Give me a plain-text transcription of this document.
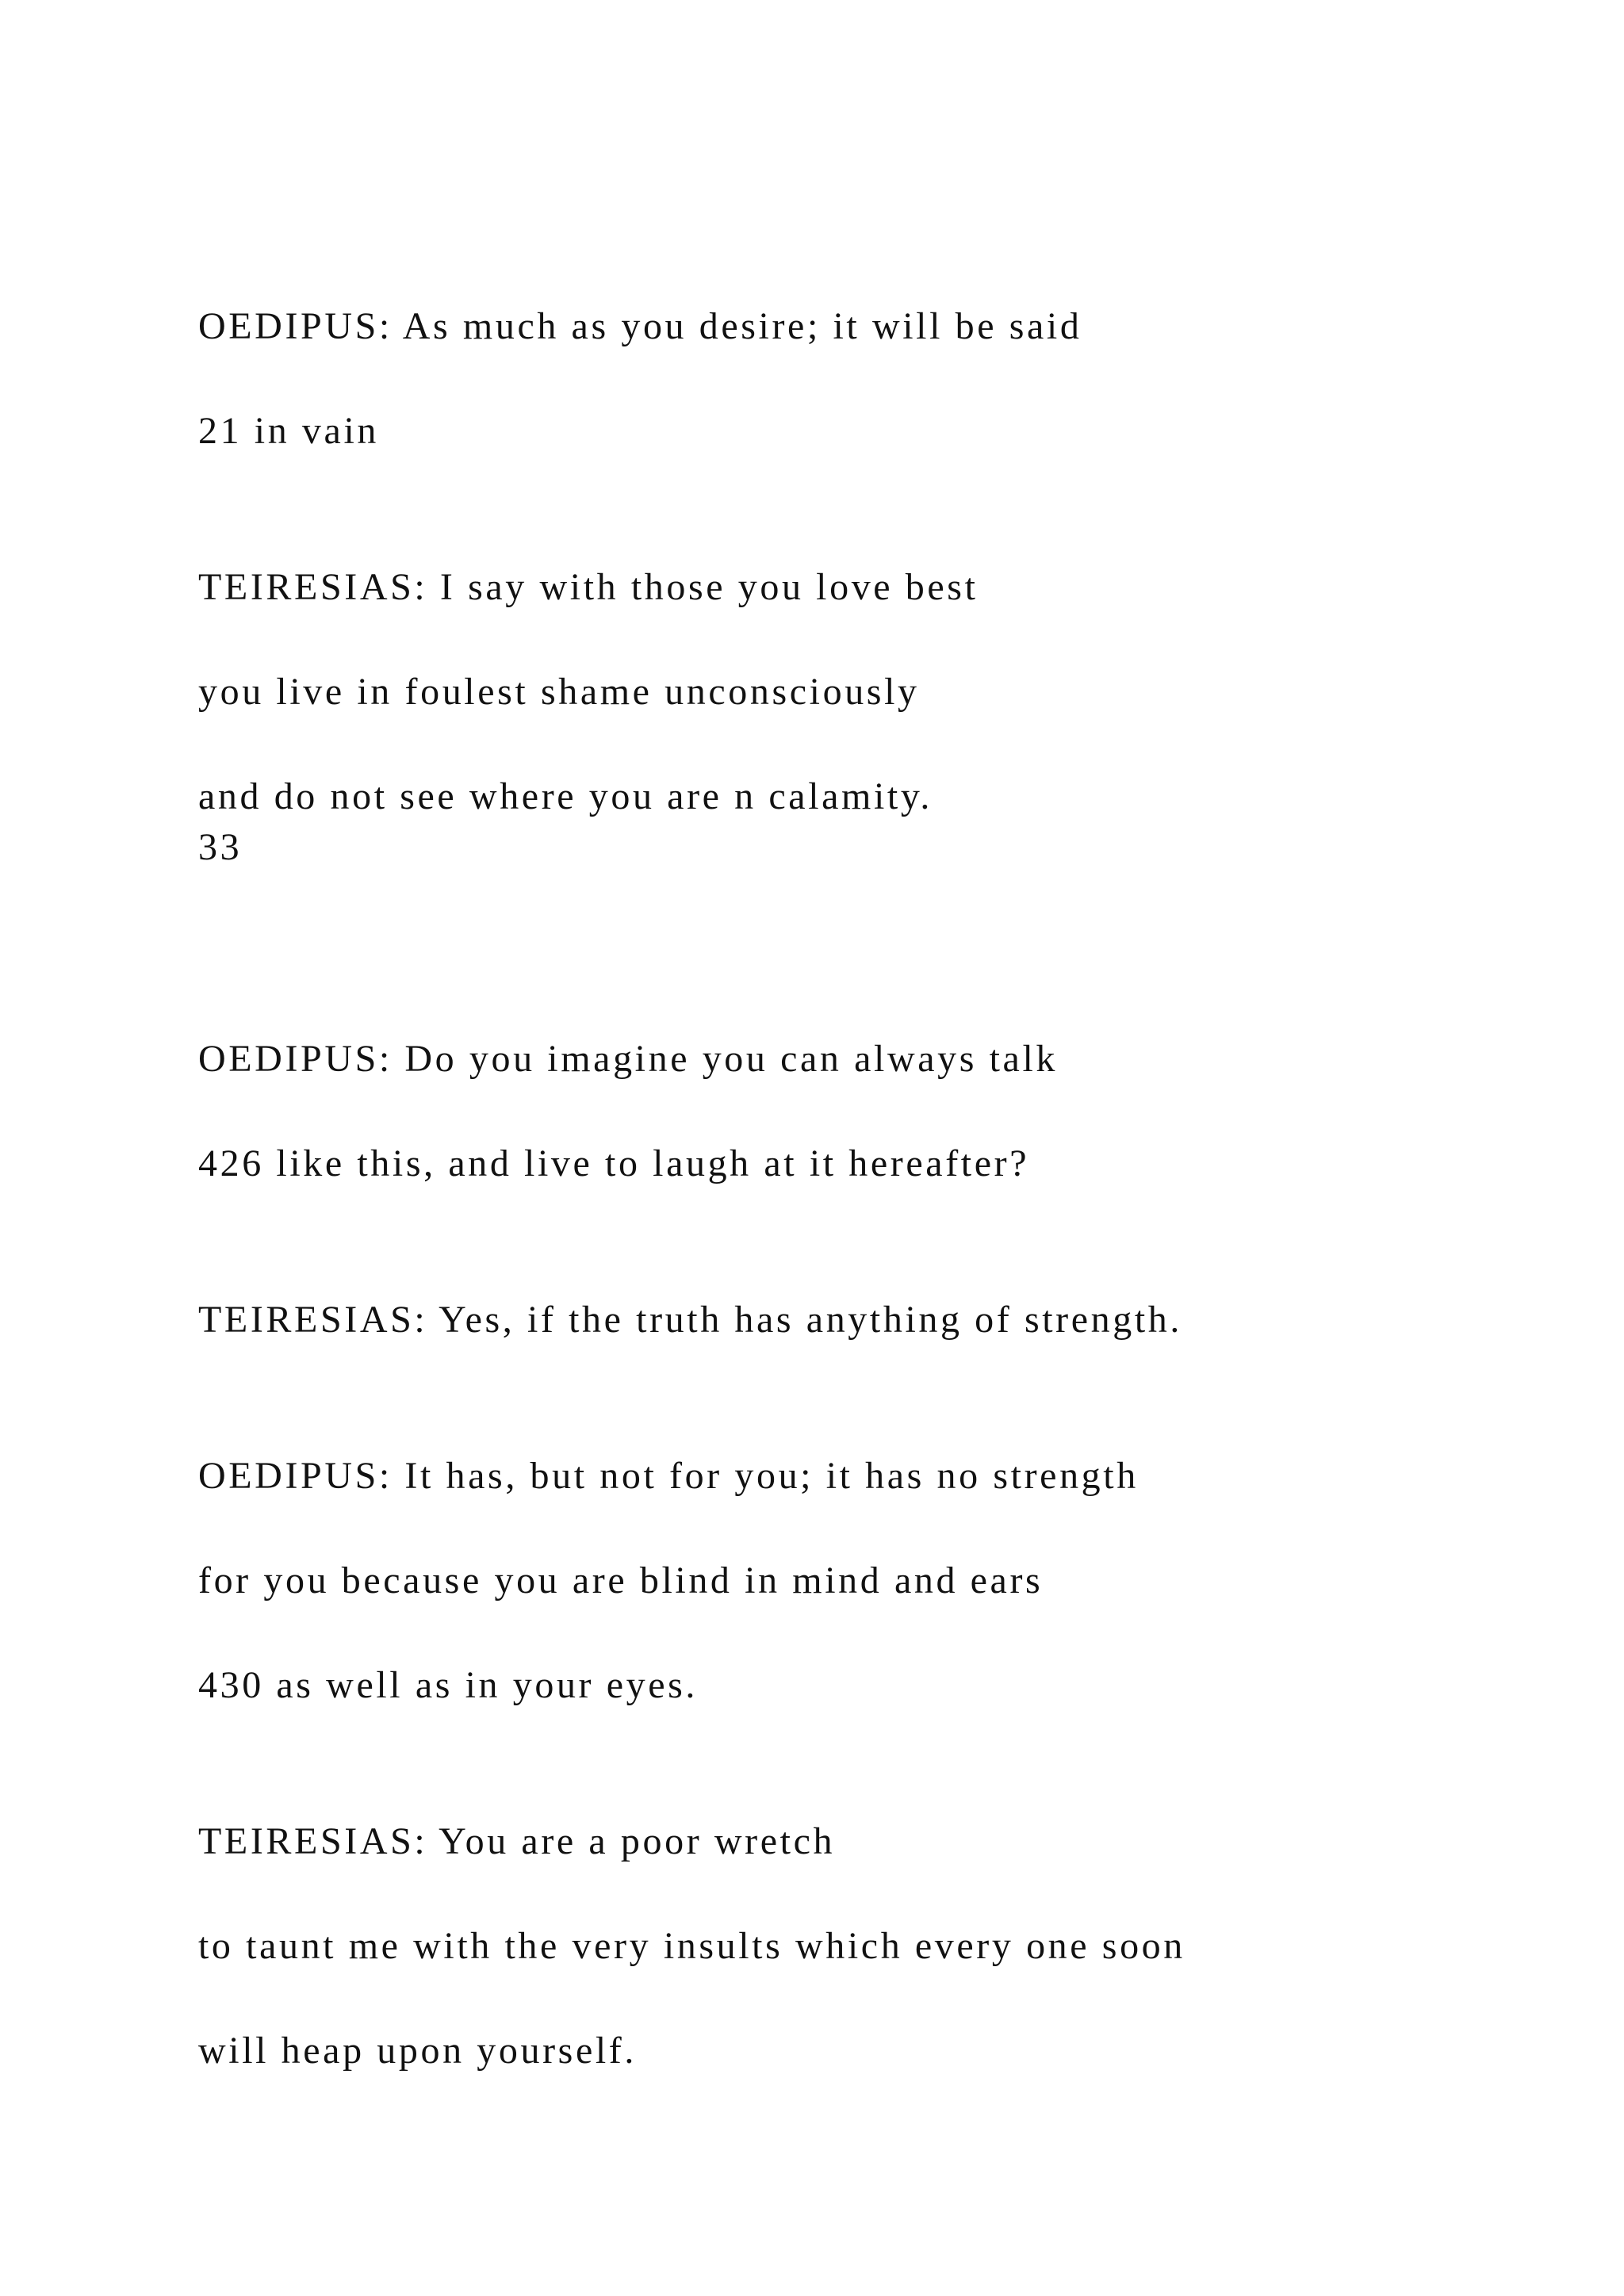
OEDIPUS: As much as you desire; it will be said

21 in vain

TEIRESIAS: I say with those you love best

you live in foulest shame unconsciously

and do not see where you are n calamity.

33

OEDIPUS: Do you imagine you can always talk

426 like this, and live to laugh at it hereafter?

TEIRESIAS: Yes, if the truth has anything of strength.

OEDIPUS: It has, but not for you; it has no strength

for you because you are blind in mind and ears

430 as well as in your eyes.

TEIRESIAS: You are a poor wretch

to taunt me with the very insults which every one soon

will heap upon yourself.
